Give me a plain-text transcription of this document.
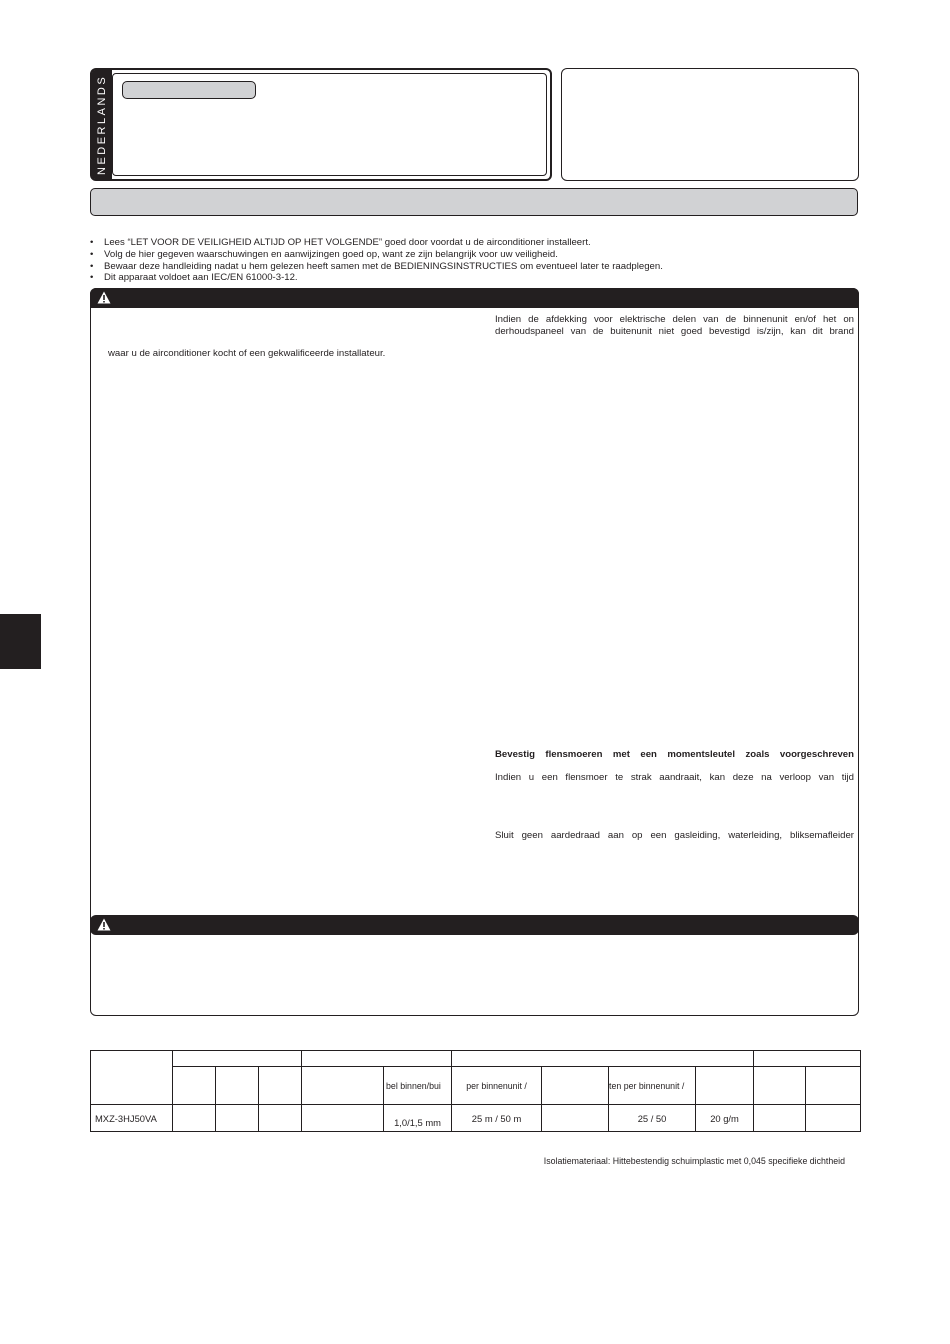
NEDERLANDS
• Lees “LET VOOR DE VEILIGHEID ALTIJD OP HET VOLGENDE” goed door voordat u de airconditioner installeert.
• Volg de hier gegeven waarschuwingen en aanwijzingen goed op, want ze zijn belangrijk voor uw veiligheid.
• Bewaar deze handleiding nadat u hem gelezen heeft samen met de BEDIENINGSINSTRUCTIES om eventueel later te raadplegen.
• Dit apparaat voldoet aan IEC/EN 61000-3-12.
Indien de afdekking voor elektrische delen van de binnenunit en/of het on
derhoudspaneel van de buitenunit niet goed bevestigd is/zijn, kan dit brand
waar u de airconditioner kocht of een gekwalificeerde installateur.
Bevestig flensmoeren met een momentsleutel zoals voorgeschreven
Indien u een flensmoer te strak aandraait, kan deze na verloop van tijd
Sluit geen aardedraad aan op een gasleiding, waterleiding, bliksemafleider

					bel binnen/bui	per binnenunit /		ten per binnenunit /			
MXZ-3HJ50VA					1,0/1,5 mm	25 m / 50 m		25 / 50	20 g/m		
Isolatiemateriaal: Hittebestendig schuimplastic met 0,045 specifieke dichtheid
